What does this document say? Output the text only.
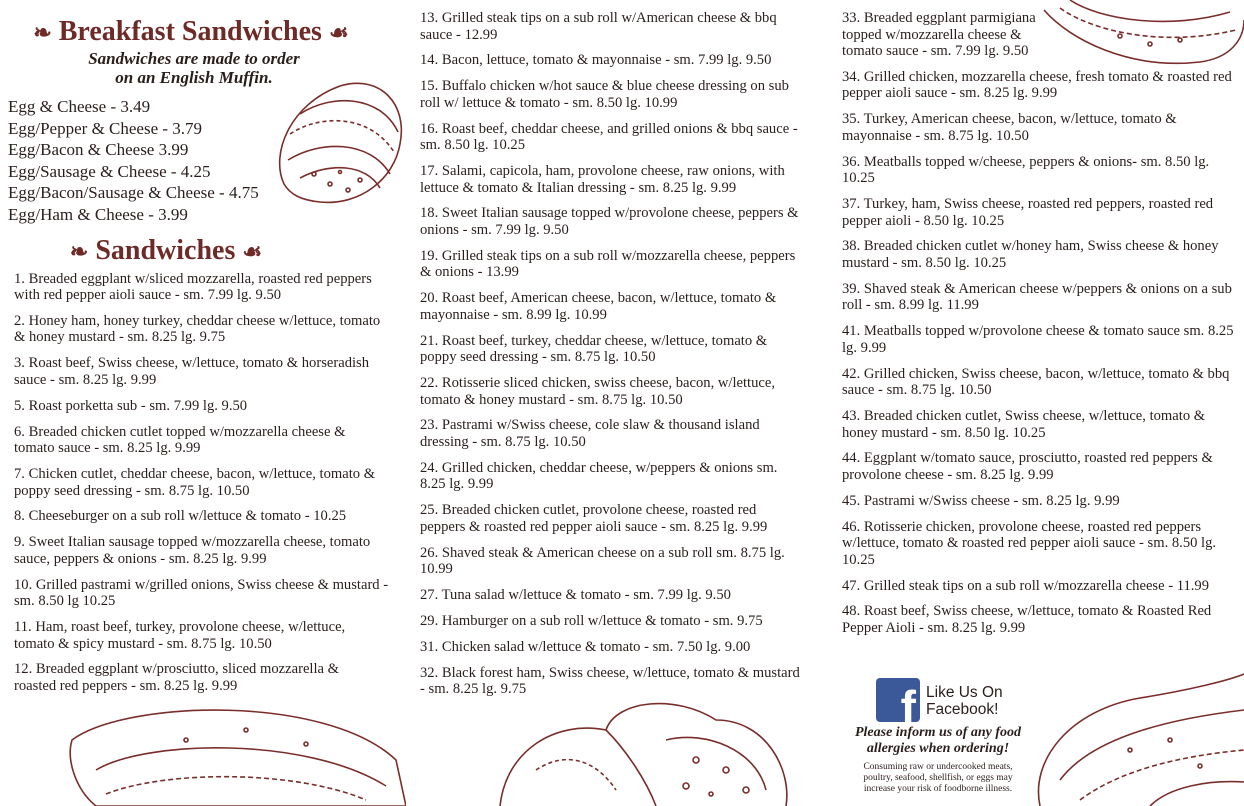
❧ Breakfast Sandwiches ☙
Sandwiches are made to order
on an English Muffin.
Egg & Cheese - 3.49
Egg/Pepper & Cheese - 3.79
Egg/Bacon & Cheese 3.99
Egg/Sausage & Cheese - 4.25
Egg/Bacon/Sausage & Cheese - 4.75
Egg/Ham & Cheese - 3.99
❧ Sandwiches ☙
1. Breaded eggplant w/sliced mozzarella, roasted red peppers with red pepper aioli sauce - sm. 7.99 lg. 9.50
2. Honey ham, honey turkey, cheddar cheese w/lettuce, tomato & honey mustard - sm. 8.25 lg. 9.75
3. Roast beef, Swiss cheese, w/lettuce, tomato & horseradish sauce - sm. 8.25 lg. 9.99
5. Roast porketta sub - sm. 7.99 lg. 9.50
6. Breaded chicken cutlet topped w/mozzarella cheese & tomato sauce - sm. 8.25 lg. 9.99
7. Chicken cutlet, cheddar cheese, bacon, w/lettuce, tomato & poppy seed dressing - sm. 8.75 lg. 10.50
8. Cheeseburger on a sub roll w/lettuce & tomato - 10.25
9. Sweet Italian sausage topped w/mozzarella cheese, tomato sauce, peppers & onions - sm. 8.25 lg. 9.99
10. Grilled pastrami w/grilled onions, Swiss cheese & mustard - sm. 8.50 lg 10.25
11. Ham, roast beef, turkey, provolone cheese, w/lettuce, tomato & spicy mustard - sm. 8.75 lg. 10.50
12. Breaded eggplant w/prosciutto, sliced mozzarella & roasted red peppers - sm. 8.25 lg. 9.99
13. Grilled steak tips on a sub roll w/American cheese & bbq sauce - 12.99
14. Bacon, lettuce, tomato & mayonnaise - sm. 7.99 lg. 9.50
15. Buffalo chicken w/hot sauce & blue cheese dressing on sub roll w/ lettuce & tomato - sm. 8.50 lg. 10.99
16. Roast beef, cheddar cheese, and grilled onions & bbq sauce - sm. 8.50 lg. 10.25
17. Salami, capicola, ham, provolone cheese, raw onions, with lettuce & tomato & Italian dressing - sm. 8.25 lg. 9.99
18. Sweet Italian sausage topped w/provolone cheese, peppers & onions - sm. 7.99 lg. 9.50
19. Grilled steak tips on a sub roll w/mozzarella cheese, peppers & onions - 13.99
20. Roast beef, American cheese, bacon, w/lettuce, tomato & mayonnaise - sm. 8.99 lg. 10.99
21. Roast beef, turkey, cheddar cheese, w/lettuce, tomato & poppy seed dressing - sm. 8.75 lg. 10.50
22. Rotisserie sliced chicken, swiss cheese, bacon, w/lettuce, tomato & honey mustard - sm. 8.75 lg. 10.50
23. Pastrami w/Swiss cheese, cole slaw & thousand island dressing - sm. 8.75 lg. 10.50
24. Grilled chicken, cheddar cheese, w/peppers & onions sm. 8.25 lg. 9.99
25. Breaded chicken cutlet, provolone cheese, roasted red peppers & roasted red pepper aioli sauce - sm. 8.25 lg. 9.99
26. Shaved steak & American cheese on a sub roll sm. 8.75 lg. 10.99
27. Tuna salad w/lettuce & tomato - sm. 7.99 lg. 9.50
29. Hamburger on a sub roll w/lettuce & tomato - sm. 9.75
31. Chicken salad w/lettuce & tomato - sm. 7.50 lg. 9.00
32. Black forest ham, Swiss cheese, w/lettuce, tomato & mustard - sm. 8.25 lg. 9.75
33. Breaded eggplant parmigiana topped w/mozzarella cheese & tomato sauce - sm. 7.99 lg. 9.50
34. Grilled chicken, mozzarella cheese, fresh tomato & roasted red pepper aioli sauce - sm. 8.25 lg. 9.99
35. Turkey, American cheese, bacon, w/lettuce, tomato & mayonnaise - sm. 8.75 lg. 10.50
36. Meatballs topped w/cheese, peppers & onions- sm. 8.50 lg. 10.25
37. Turkey, ham, Swiss cheese, roasted red peppers, roasted red pepper aioli - 8.50 lg. 10.25
38. Breaded chicken cutlet w/honey ham, Swiss cheese & honey mustard - sm. 8.50 lg. 10.25
39. Shaved steak & American cheese w/peppers & onions on a sub roll - sm. 8.99 lg. 11.99
41. Meatballs topped w/provolone cheese & tomato sauce sm. 8.25 lg. 9.99
42. Grilled chicken, Swiss cheese, bacon, w/lettuce, tomato & bbq sauce - sm. 8.75 lg. 10.50
43. Breaded chicken cutlet, Swiss cheese, w/lettuce, tomato & honey mustard - sm. 8.50 lg. 10.25
44. Eggplant w/tomato sauce, prosciutto, roasted red peppers & provolone cheese - sm. 8.25 lg. 9.99
45. Pastrami w/Swiss cheese - sm. 8.25 lg. 9.99
46. Rotisserie chicken, provolone cheese, roasted red peppers w/lettuce, tomato & roasted red pepper aioli sauce - sm. 8.50 lg. 10.25
47. Grilled steak tips on a sub roll w/mozzarella cheese - 11.99
48. Roast beef, Swiss cheese, w/lettuce, tomato & Roasted Red Pepper Aioli - sm. 8.25 lg. 9.99
f Like Us On
Facebook!
Please inform us of any food
allergies when ordering!
Consuming raw or undercooked meats,
poultry, seafood, shellfish, or eggs may
increase your risk of foodborne illness.
